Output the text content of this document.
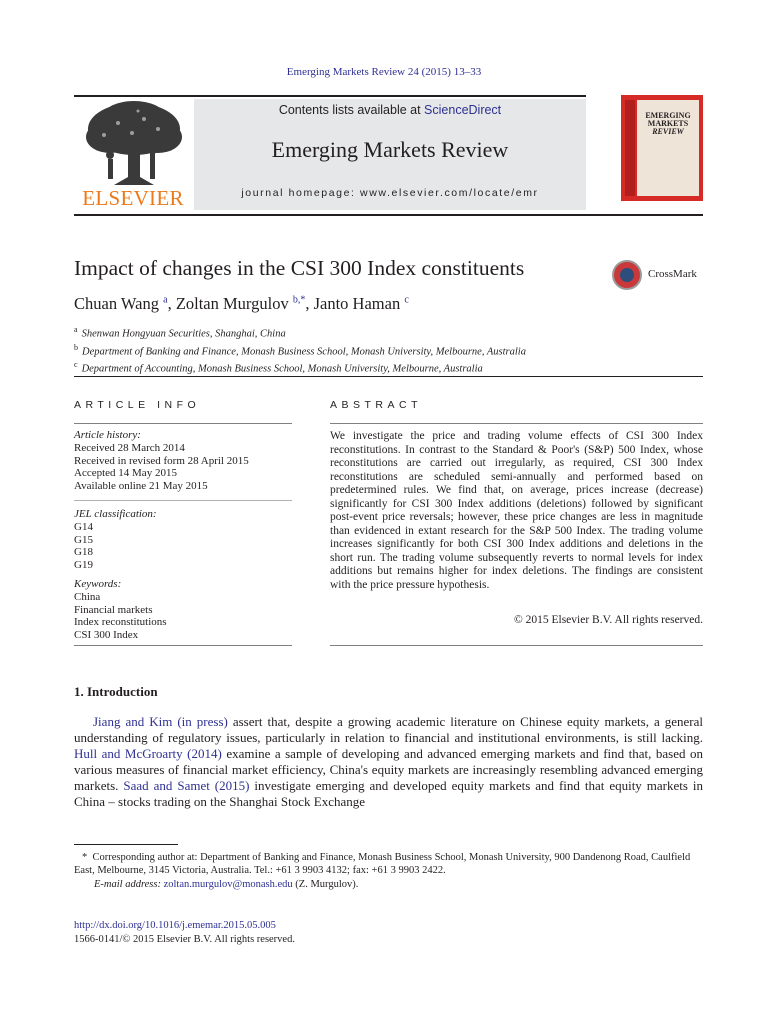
Emerging Markets Review 24 (2015) 13–33
ELSEVIER
Contents lists available at ScienceDirect
Emerging Markets Review
journal homepage: www.elsevier.com/locate/emr
EMERGING
MARKETS
REVIEW
Impact of changes in the CSI 300 Index constituents	CrossMark
Chuan Wang $^a$, Zoltan Murgulov $^{b,*}$, Janto Haman $^c$
$^a$ Shenwan Hongyuan Securities, Shanghai, China
$^b$ Department of Banking and Finance, Monash Business School, Monash University, Melbourne, Australia
$^c$ Department of Accounting, Monash Business School, Monash University, Melbourne, Australia
ARTICLE INFO
Article history:
Received 28 March 2014
Received in revised form 28 April 2015
Accepted 14 May 2015
Available online 21 May 2015
JEL classification:
G14
G15
G18
G19
Keywords:
China
Financial markets
Index reconstitutions
CSI 300 Index
ABSTRACT
We investigate the price and trading volume effects of CSI 300 Index reconstitutions. In contrast to the Standard & Poor's (S&P) 500 Index, whose reconstitutions are carried out irregularly, as required, CSI 300 Index reconstitutions are scheduled semi-annually and performed based on predetermined rules. We find that, on average, prices increase (decrease) significantly for CSI 300 Index additions (deletions) followed by significant post-event price reversals; however, these price changes are less in magnitude than evidenced in extant research for the S&P 500 Index. The trading volume increases significantly for both CSI 300 Index additions and deletions in the short run. The trading volume subsequently reverts to normal levels for index additions but remains higher for index deletions. The findings are consistent with the price pressure hypothesis.
© 2015 Elsevier B.V. All rights reserved.
1. Introduction
Jiang and Kim (in press) assert that, despite a growing academic literature on Chinese equity markets, a general understanding of regulatory issues, particularly in relation to financial and institutional environments, is still lacking. Hull and McGroarty (2014) examine a sample of developing and advanced emerging markets and find that, based on various measures of financial market efficiency, China's equity markets are increasingly resembling advanced emerging markets. Saad and Samet (2015) investigate emerging and developed equity markets and find that equity markets in China – stocks trading on the Shanghai Stock Exchange
* Corresponding author at: Department of Banking and Finance, Monash Business School, Monash University, 900 Dandenong Road, Caulfield East, Melbourne, 3145 Victoria, Australia. Tel.: +61 3 9903 4132; fax: +61 3 9903 2422.
E-mail address: zoltan.murgulov@monash.edu (Z. Murgulov).
http://dx.doi.org/10.1016/j.ememar.2015.05.005
1566-0141/© 2015 Elsevier B.V. All rights reserved.
